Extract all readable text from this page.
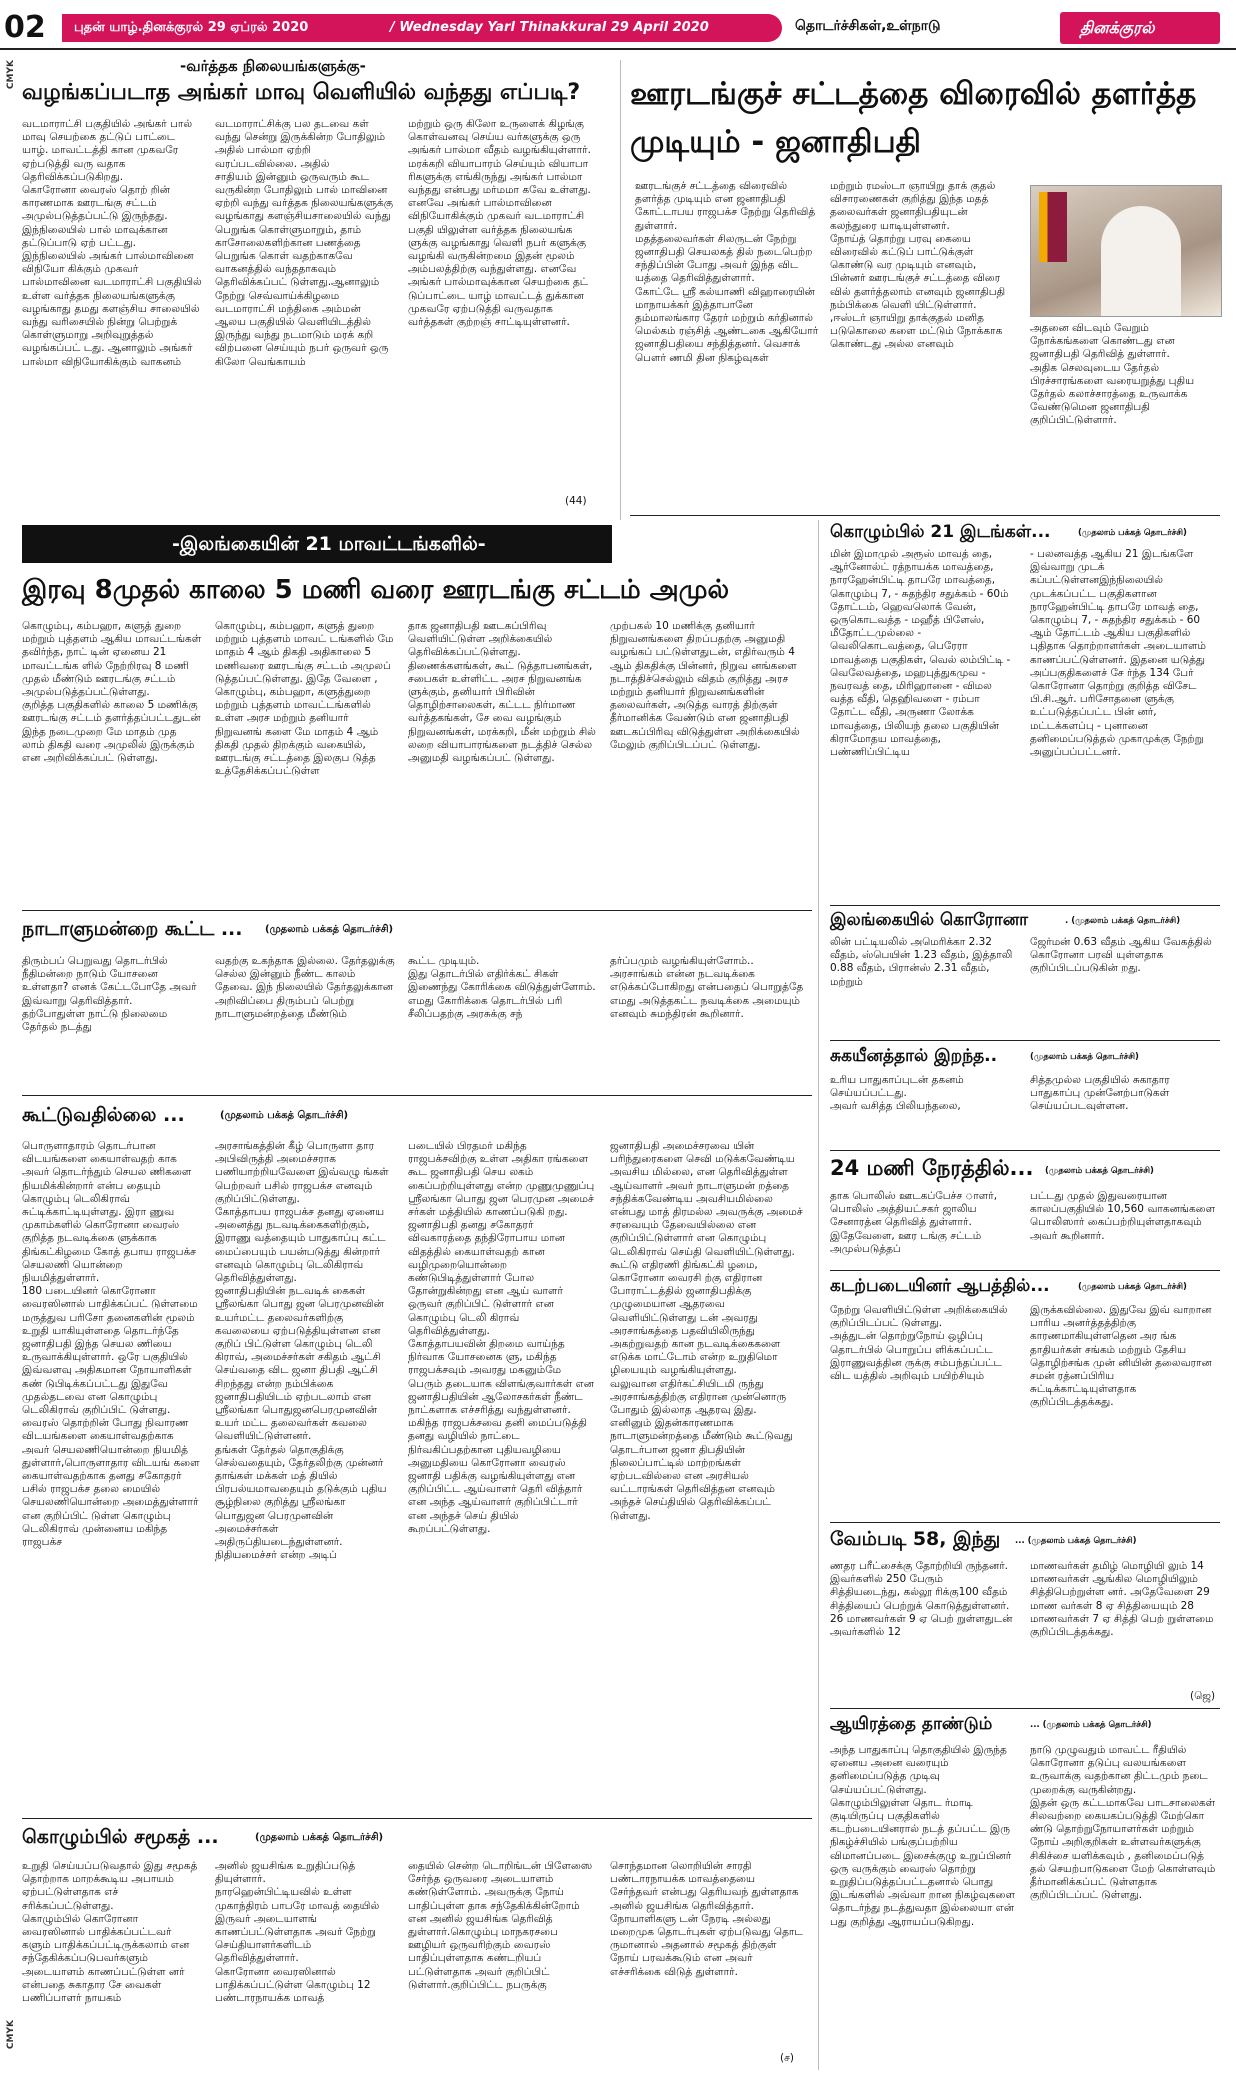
02 புதன் யாழ்.தினக்குரல் 29 ஏப்ரல் 2020	/ Wednesday Yarl Thinakkural 29 April 2020	தொடர்ச்சிகள்,உள்நாடு	தினக்குரல்
CMYK
CMYK
-வர்த்தக நிலையங்களுக்கு-
வழங்கப்படாத அங்கர் மாவு வெளியில் வந்தது எப்படி?
வடமாராட்சி பகுதியில் அங்கர் பால் மாவு செயற்கை தட்டுப் பாட்டை யாழ். மாவட்டத்தி கான முகவரே ஏற்படுத்தி வரு வதாக தெரிவிக்கப்படுகிறது.
கொரோனா வைரஸ் தொற் றின் காரணமாக ஊரடங்கு சட்டம் அமுல்படுத்தப்பட்டு இருந்தது. இந்நிலையில் பால் மாவுக்கான தட்டுப்பாடு ஏற் பட்டது. இந்நிலையில் அங்கர் பால்மாவினை விநியோ கிக்கும் முகவர் பால்மாவினை வடமாராட்சி பகுதியில் உள்ள வர்த்தக நிலையங்களுக்கு வழங்காது தமது களஞ்சிய சாலையில் வந்து வரிசையில் நின்று பெற்றுக் கொள்ளுமாறு அறிவுறுத்தல் வழங்கப்பட் டது. ஆனாலும் அங்கர் பால்மா விநியோகிக்கும் வாகனம்
வடமாராட்சிக்கு பல தடவை கள் வந்து சென்று இருக்கின்ற போதிலும் அதில் பால்மா ஏற்றி வரப்படவில்லை. அதில்
சாதியம் இன்னும் ஒருவரும் கூட வருகின்ற போதிலும் பால் மாவினை ஏற்றி வந்து வர்த்தக நிலையங்களுக்கு வழங்காது களஞ்சியசாலையில் வந்து பெறுங்க கொள்ளுமாறும், தாம் காசோலைகளிற்கான பணத்தை பெறுங்க கொள் வதற்காகவே வாகனத்தில் வந்ததாகவும் தெரிவிக்கப்பட் டுள்ளது.ஆனாலும் நேற்று செவ்வாய்க்கிழமை வடமாராட்சி மந்திகை அம்மன் ஆலய பகுதியில் வெளியிடத்தில் இருந்து வந்து நடமாடும் மரக் கறி விற்பனை செய்யும் நபர் ஒருவர் ஒரு கிலோ வெங்காயம்
மற்றும் ஒரு கிலோ உருளைக் கிழங்கு கொள்வனவு செய்ய வர்களுக்கு ஒரு அங்கர் பால்மா வீதம் வழங்கியுள்ளார். மரக்கறி வியாபாரம் செய்யும் வியாபா ரிகளுக்கு எங்கிருந்து அங்கர் பால்மா வந்தது என்பது மர்மமா கவே உள்ளது. எனவே அங்கர் பால்மாவினை விநியோகிக்கும் முகவர் வடமாராட்சி பகுதி யிலுள்ள வர்த்தக நிலையங்க ளுக்கு வழங்காது வெளி நபர் களுக்கு வழங்கி வருகின்றமை இதன் மூலம் அம்பலத்திற்கு வந்துள்ளது. எனவே அங்கர் பால்மாவுக்கான செயற்கை தட் டுப்பாட்டை யாழ் மாவட்டத் துக்கான முகவரே ஏற்படுத்தி வருவதாக வர்த்தகள் குற்றஞ் சாட்டியுள்ளனர்.
(44)
ஊரடங்குச் சட்டத்தை விரைவில் தளர்த்த முடியும் - ஜனாதிபதி
ஊரடங்குச் சட்டத்தை விரைவில் தளர்த்த முடியும் என ஜனாதிபதி கோட்டாபய ராஜபக்ச நேற்று தெரிவித் துள்ளார்.
மதத்தலைவர்கள் சிலருடன் நேற்று ஜனாதிபதி செயலகத் தில் நடைபெற்ற சந்திப்பின் போது அவர் இந்த விட யத்தை தெரிவித்துள்ளார்.
கோட்டே ஸ்ரீ கல்யாணி விஹாரையின் மாநாயக்கர் இத்தாபானே தம்மாலங்கார தேரர் மற்றும் கர்தினால் மெல்கம் ரஞ்சித் ஆண்டகை ஆகியோர் ஜனாதிபதியை சந்தித்தனர். வெசாக் பௌர் ணமி தின நிகழ்வுகள்
மற்றும் ரமஸ்டா ஞாயிறு தாக் குதல் விசாரணைகள் குறித்து இந்த மதத் தலைவர்கள் ஜனாதிபதியுடன் கலந்துரை யாடியுள்ளனர்.
நோய்த் தொற்று பரவு கையை விரைவில் கட்டுப் பாட்டுக்குள் கொண்டு வர முடியும் எனவும், பின்னர் ஊரடங்குச் சட்டத்தை விரை வில் தளர்த்தலாம் எனவும் ஜனாதிபதி நம்பிக்கை வெளி யிட்டுள்ளார். ,ஈஸ்டர் ஞாயிறு தாக்குதல் மனித படுகொலை களை மட்டும் நோக்காக கொண்டது அல்ல எனவும்
அதனை விடவும் வேறும் நோக்கங்களை கொண்டது என ஜனாதிபதி தெரிவித் துள்ளார்.
அதிக செலவுடைய தேர்தல் பிரச்சாரங்களை வரையறுத்து புதிய தேர்தல் கலாச்சாரத்தை உருவாக்க வேண்டுமென ஜனாதிபதி குறிப்பிட்டுள்ளார்.
-இலங்கையின் 21 மாவட்டங்களில்-
இரவு 8முதல் காலை 5 மணி வரை ஊரடங்கு சட்டம் அமுல்
கொழும்பு, கம்பஹா, களுத் துறை மற்றும் புத்தளம் ஆகிய மாவட்டங்கள் தவிர்ந்த, நாட் டின் ஏனைய 21 மாவட்டங்க ளில் நேற்றிரவு 8 மணி முதல் மீண்டும் ஊரடங்கு சட்டம் அமுல்படுத்தப்பட்டுள்ளது.
குறித்த பகுதிகளில் காலை 5 மணிக்கு ஊரடங்கு சட்டம் தளர்த்தப்பட்டதுடன் இந்த நடைமுறை மே மாதம் முத லாம் திகதி வரை அமுலில் இருக்கும் என அறிவிக்கப்பட் டுள்ளது.
கொழும்பு, கம்பஹா, களுத் துறை மற்றும் புத்தளம் மாவட் டங்களில் மே மாதம் 4 ஆம் திகதி அதிகாலை 5 மணிவரை ஊரடங்கு சட்டம் அமுலப் டுத்தப்பட்டுள்ளது. இதே வேளை , கொழும்பு, கம்பஹா, களுத்துறை மற்றும் புத்தளம் மாவட்டங்களில் உள்ள அரச மற்றும் தனியார் நிறுவனங் களை மே மாதம் 4 ஆம் திகதி முதல் திறக்கும் வகையில், ஊரடங்கு சட்டத்தை இலகுப டுத்த உத்தேசிக்கப்பட்டுள்ள
தாக ஜனாதிபதி ஊடகப்பிரிவு வெளியிட்டுள்ள அறிக்கையில் தெரிவிக்கப்பட்டுள்ளது.
திணைக்களங்கள், கூட் டுத்தாபனங்கள், சபைகள் உள்ளிட்ட அரச நிறுவனங்க ளுக்கும், தனியார் பிரிவின் தொழிற்சாலைகள், கட்டட நிர்மாண வர்த்தகங்கள், சே வை வழங்கும் நிறுவனங்கள், மரக்கறி, மீன் மற்றும் சில் லறை வியாபாரங்களை நடத்திச் செல்ல அனுமதி வழங்கப்பட் டுள்ளது.
முற்பகல் 10 மணிக்கு தனியார் நிறுவனங்களை திறப்பதற்கு அனுமதி வழங்கப் பட்டுள்ளதுடன், எதிர்வரும் 4 ஆம் திகதிக்கு பின்னர், நிறுவ னங்களை நடாத்திச்செல்லும் விதம் குறித்து அரச மற்றும் தனியார் நிறுவனங்களின் தலைவர்கள், அடுத்த வாரத் திற்குள் தீர்மானிக்க வேண்டும் என ஜனாதிபதி ஊடகப்பிரிவு விடுத்துள்ள அறிக்கையில் மேலும் குறிப்பிடப்பட் டுள்ளது.
நாடாளுமன்றை கூட்ட ... (முதலாம் பக்கத் தொடர்ச்சி)
திரும்பப் பெறுவது தொடர்பில் நீதிமன்றை நாடும் யோசனை உள்ளதா? எனக் கேட்டபோதே அவர் இவ்வாறு தெரிவித்தார்.
தற்போதுள்ள நாட்டு நிலைமை தேர்தல் நடத்து
வதற்கு உகந்தாக இல்லை. தேர்தலுக்கு செல்ல இன்னும் நீண்ட காலம் தேவை. இந் நிலையில் தேர்தலுக்கான அறிவிப்பை திரும்பப் பெற்று நாடாளுமன்றத்தை மீண்டும்
கூட்ட முடியும்.
இது தொடர்பில் எதிர்க்கட் சிகள் இணைந்து கோரிக்கை விடுத்துள்ளோம். எமது கோரிக்கை தொடர்பில் பரி சீலிப்பதற்கு அரசுக்கு சந்
தர்ப்பமும் வழங்கியுள்ளோம்.. அரசாங்கம் என்ன நடவடிக்கை எடுக்கப்போகிறது என்பதைப் பொறுத்தே எமது அடுத்தகட்ட நவடிக்கை அமையும் எனவும் சுமந்திரன் கூறினார்.
கூட்டுவதில்லை ...	(முதலாம் பக்கத் தொடர்ச்சி)
பொருளாதாரம் தொடர்பான விடயங்களை கையாள்வதற் காக அவர் தொடர்ந்தும் செயல ணிகளை நியமிக்கின்றார் என்ப தையும் கொழும்பு டெலிகிராவ் சுட்டிக்காட்டியுள்ளது. இரா ணுவ முகாம்களில் கொரோனா வைரஸ் குறித்த நடவடிக்கை ளுக்காக திங்கட்கிழமை கோத் தபாய ராஜபக்ச செயலணி யொன்றை நியமித்துள்ளார்.
180 படையினர் கொரோனா வைரஸினால் பாதிக்கப்பட் டுள்ளமை மருத்துவ பரிசோ தனைகளின் மூலம் உறுதி யாகியுள்ளதை தொடர்ந்தே ஜனாதிபதி இந்த செயல ணியை உருவாக்கியுள்ளார். ஒரே பகுதியில் இவ்வளவு அதிகமான நோயாளிகள் கண் டுபிடிக்கப்பட்டது இதுவே முதல்தடவை என கொழும்பு டெலிகிராவ் குறிப்பிட் டுள்ளது.
வைரஸ் தொற்றின் போது நிவாரண விடயங்களை கையாள்வதற்காக அவர் செயலணியொன்றை நியமித் துள்ளார்,பொருளாதார விடயங் களை கையாள்வதற்காக தனது சகோதரர் பசில் ராஜபக்ச தலை மையில் செயலணியொன்றை அமைத்துள்ளார் என குறிப்பிட் டுள்ள கொழும்பு டெலிகிராவ் முன்னைய மகிந்த ராஜபக்ச
அரசாங்கத்தின் கீழ் பொருளா தார அபிவிருத்தி அமைச்சராக பணியாற்றியவேளை இவ்வழு ங்கள் பெற்றவர் பசில் ராஜபக்ச எனவும் குறிப்பிட்டுள்ளது.
கோத்தாபய ராஜபக்ச தனது ஏனைய அனைத்து நடவடிக்கைகளிற்கும், இராணு வத்தையும் பாதுகாப்பு கட்ட மைப்பையும் பயன்படுத்து கின்றார் எனவும் கொழும்பு டெலிகிராவ் தெரிவித்துள்ளது.
ஜனாதிபதியின் நடவடிக் கைகள் ஸ்ரீலங்கா பொது ஜன பெரமுனவின் உயர்மட்ட தலைவர்களிற்கு கவலையை ஏற்படுத்தியுள்ளன என குறிப் பிட்டுள்ள கொழும்பு டெலி கிராவ், அமைச்சர்கள் சகிதம் ஆட்சி செய்வதை விட ஜனா திபதி ஆட்சி சிறந்தது என்ற நம்பிக்கை ஜனாதிபதியிடம் ஏற்படலாம் என ஸ்ரீலங்கா பொதுஜனபெரமுனவின் உயர் மட்ட தலைவர்கள் கவலை வெளியிட்டுள்ளனர்.
தங்கள் தேர்தல் தொகுதிக்கு செல்வதையும், தேர்தலிற்கு முன்னர் தாங்கள் மக்கள் மத் தியில் பிரபல்யமாவதையும் தடுக்கும் புதிய சூழ்நிலை குறித்து ஸ்ரீலங்கா பொதுஜன பெரமுனவின் அமைச்சர்கள் அதிருப்தியடைந்துள்ளனர்.
நிதியமைச்சர் என்ற அடிப்
படையில் பிரதமர் மகிந்த ராஜபக்சவிற்கு உள்ள அதிகா ரங்களை கூட ஜனாதிபதி செய லகம் கைப்பற்றியுள்ளது என்ற முணுமுணுப்பு ஸ்ரீலங்கா பொது ஜன பெரமுன அமைச் சர்கள் மத்தியில் காணப்படுகி றது.
ஜனாதிபதி தனது சகோதரர் விவகாரத்தை தந்திரோபாய மான விதத்தில் கையாள்வதற் கான வழிமுறையொன்றை கண்டுபிடித்துள்ளார் போல தோன்றுகின்றது என ஆய் வாளர் ஒருவர் குறிப்பிட் டுள்ளார் என கொழும்பு டெலி கிராவ் தெரிவித்துள்ளது.
கோத்தாபயவின் திறமை வாய்ந்த நிர்வாக யோசனைக ளு, மகிந்த ராஜபக்சவும் அவரது மகனும்மே பெரும் தடையாக விளங்குவார்கள் என ஜனாதிபதியின் ஆலோசகர்கள் நீண்ட நாட்களாக எச்சரித்து வந்துள்ளனர்.
மகிந்த ராஜபக்சவை தனி மைப்படுத்தி தனது வழியில் நாட்டை நிர்வகிப்பதற்கான புதியவழியை அனுமதியை கொரோனா வைரஸ் ஜனாதி பதிக்கு வழங்கியுள்ளது என குறிப்பிட்ட ஆய்வாளர் தெரி வித்தார் என அந்த ஆய்வாளர் குறிப்பிட்டார் என அந்தச் செய் தியில் கூறப்பட்டுள்ளது.
ஜனாதிபதி அமைச்சரவை யின் பரிந்துரைகளை செவி மடுக்கவேண்டிய அவசிய மில்லை, என தெரிவித்துள்ள ஆய்வாளர் அவர் நாடாளுமன் றத்தை சந்திக்கவேண்டிய அவசியமில்லை என்பது மாத் திரமல்ல அவருக்கு அமைச் சரவையும் தேவையில்லை என குறிப்பிட்டுள்ளார் என கொழும்பு டெலிகிராவ் செய்தி வெளியிட்டுள்ளது.
கூட்டு எதிரணி திங்கட்கி ழமை, கொரோனா வைரசி ற்கு எதிரான போராட்டத்தில் ஜனாதிபதிக்கு முழுமையான ஆதரவை வெளியிட்டுள்ளது டன் அவரது அரசாங்கத்தை பதவியிலிருந்து அகற்றுவதற் கான நடவடிக்கைகளை எடுக்க மாட்டோம் என்ற உறுதிமொ ழியையும் வழங்கியுள்ளது.
வலுவான எதிர்கட்சியிடமி ருந்து அரசாங்கத்திற்கு எதிரான முன்னொரு போதும் இல்லாத ஆதரவு இது.
எனினும் இதன்காரணமாக நாடாளுமன்றத்தை மீண்டும் கூட்டுவது தொடர்பான ஜனா திபதியின் நிலைப்பாட்டில் மாற்றங்கள் ஏற்படவில்லை என அரசியல் வட்டாரங்கள் தெரிவித்தன எனவும் அந்தச் செய்தியில் தெரிவிக்கப்பட் டுள்ளது.
கொழும்பில் சமூகத் ...	(முதலாம் பக்கத் தொடர்ச்சி)
உறுதி செய்யப்படுவதால் இது சமூகத் தொற்றாக மாறக்கூடிய அபாயம் ஏற்பட்டுள்ளதாக எச் சரிக்கப்பட்டுள்ளது.
கொழும்பில் கொரோனா வைரஸினால் பாதிக்கப்பட்டவர் களும் பாதிக்கப்பட்டிருக்கலாம் என சந்தேகிக்கப்படுபவர்களும் அடையாளம் காணப்பட்டுள்ள னர் என்பதை சுகாதார சே வைகள் பணிப்பாளர் நாயகம்
அனில் ஜயசிங்க உறுதிப்படுத் தியுள்ளார்.
நாரஹென்பிட்டியவில் உள்ள முகாந்திரம் பாபரே மாவத் தையில் இருவர் அடையாளங் காணப்பட்டுள்ளதாக அவர் நேற்று செய்தியாளர்களிடம் தெரிவித்துள்ளார்.
கொரோனா வைரஸினால் பாதிக்கப்பட்டுள்ள கொழும்பு 12 பண்டாரநாயக்க மாவத்
தையில் சென்ற டொறிங்டன் பிளேஸை சேர்ந்த ஒருவரை அடையாளம் கண்டுள்ளோம். அவருக்கு நோய் பாதிப்புள்ள தாக சந்தேகிக்கின்றோம் என அனில் ஜயசிங்க தெரிவித் துள்ளார்.கொழும்பு மாநகரசபை ஊழியர் ஒருவரிற்கும் வைரஸ் பாதிப்புள்ளதாக கண்டறியப் பட்டுள்ளதாக அவர் குறிப்பிட் டுள்ளார்.குறிப்பிட்ட நபருக்கு
சொந்தமான லொறியின் சாரதி பண்டாரநாயக்க மாவத்தையை சேர்ந்தவர் என்பது தெரியவந் துள்ளதாக அனில் ஜயசிங்க தெரிவித்தார். நோயாளிகளு டன் நேரடி அல்லது மறைமுக தொடர்புகள் ஏற்படுவது தொட ருமானால் அதனால் சமூகத் திற்குள் நோய் பரவக்கூடும் என அவர் எச்சரிக்கை விடுத் துள்ளார்.
(ச)
கொழும்பில் 21 இடங்கள்...	(முதலாம் பக்கத் தொடர்ச்சி)
மின் இமாமுல் அரூஸ் மாவத் தை, ஆர்னோல்ட் ரத்நாயக்க மாவத்தை, நாரஹேன்பிட்டி தாபரே மாவத்தை, கொழும்பு 7, - சுதந்திர சதுக்கம் - 60ம் தோட்டம், ஹெவலொக் வேன், ஒருகொடவத்த - மஹீத் பிளேஸ், மீதோட்டமுல்லை - வெலிகொடவத்தை, பெரேரா மாவத்தை பகுதிகள், வெல் லம்பிட்டி - வெலேவத்தை, மஹபுத்துகமுவ - நவரவத் தை, மிரிஹானை - விமல வத்த வீதி, தெஹிவளை - ரம்பா தோட்ட வீதி, அருணா லோக்க மாவத்தை, பிலியந் தலை பகுதியின் கிராமோதய மாவத்தை, பண்ணிப்பிட்டிய
- பலனவத்த ஆகிய 21 இடங்களே இவ்வாறு முடக் கப்பட்டுள்ளனஇந்நிலையில் முடக்கப்பட்ட பகுதிகளான நாரஹேன்பிட்டி தாபரே மாவத் தை, கொழும்பு 7, - சுதந்திர சதுக்கம் - 60 ஆம் தோட்டம் ஆகிய பகுதிகளில் புதிதாக தொற்றாளர்கள் அடையாளம் காணப்பட்டுள்ளனர். இதனை யடுத்து அப்பகுதிகளைச் சே ர்ந்த 134 பேர் கொரோனா தொற்று குறித்த விசேட பி.சி.ஆர். பரிசோதனை ளுக்கு உட்படுத்தப்பட்ட பின் னர், மட்டக்களப்பு - புனானை தனிமைப்படுத்தல் முகாமுக்கு நேற்று அனுப்பப்பட்டனர்.
இலங்கையில் கொரோனா	. (முதலாம் பக்கத் தொடர்ச்சி)
லின் பட்டியலில் அமெரிக்கா 2.32 வீதம், ஸ்பெயின் 1.23 வீதம், இத்தாலி 0.88 வீதம், பிரான்ஸ் 2.31 வீதம், மற்றும்
ஜேர்மன் 0.63 வீதம் ஆகிய வேகத்தில் கொரோனா பரவி யுள்ளதாக குறிப்பிடப்படுகின் றது.
சுகயீனத்தால் இறந்த..	(முதலாம் பக்கத் தொடர்ச்சி)
உரிய பாதுகாப்புடன் தகனம் செய்யப்பட்டது.
அவர் வசித்த பிலியந்தலை,
சித்தமுல்ல பகுதியில் சுகாதார பாதுகாப்பு முன்னேற்பாடுகள் செய்யப்படவுள்ளன.
24 மணி நேரத்தில்... (முதலாம் பக்கத் தொடர்ச்சி)
தாக பொலிஸ் ஊடகப்பேச்ச ாளர், பொலிஸ் அத்தியட்சகர் ஜாலிய சேனாரத்ன தெரிவித் துள்ளார். இதேவேளை, ஊர டங்கு சட்டம் அமுல்படுத்தப்
பட்டது முதல் இதுவரையான காலப்பகுதியில் 10,560 வாகனங்களை பொலிஸார் கைப்பற்றியுள்ளதாகவும் அவர் கூறினார்.
கடற்படையினர் ஆபத்தில்...	(முதலாம் பக்கத் தொடர்ச்சி)
நேற்று வெளியிட்டுள்ள அறிக்கையில் குறிப்பிடப்பட் டுள்ளது.
அத்துடன் தொற்றுநோய் ஒழிப்பு தொடர்பில் பொறுப்ப ளிக்கப்பட்ட இராணுவத்தின ருக்கு சம்பந்தப்பட்ட விட யத்தில் அறிவும் பயிற்சியும்
இருக்கவில்லை. இதுவே இவ் வாறான பாரிய அனர்த்தத்திற்கு காரணமாகியுள்ளதென அர ங்க தாதியர்கள் சங்கம் மற்றும் தேசிய தொழிற்சங்க முன் னியின் தலைவரான சமன் ரத்னப்பிரிய சுட்டிக்காட்டியுள்ளதாக குறிப்பிடத்தக்கது.
வேம்படி 58, இந்து ... (முதலாம் பக்கத் தொடர்ச்சி)
ணதர பரீட்சைக்கு தோற்றியி ருந்தனர்.
இவர்களில் 250 பேரும் சித்தியடைந்து, கல்லூ ரிக்கு100 வீதம் சித்தியைப் பெற்றுக் கொடுத்துள்ளனர். 26 மாணவர்கள் 9 ஏ பெற் றுள்ளதுடன் அவர்களில் 12
மாணவர்கள் தமிழ் மொழியி லும் 14 மாணவர்கள் ஆங்கில மொழியிலும் சித்திபெற்றுள்ள னர். அதேவேளை 29 மாண வர்கள் 8 ஏ சித்தியையும் 28 மாணவர்கள் 7 ஏ சித்தி பெற் றுள்ளமை குறிப்பிடத்தக்கது.
(ஜெ)
ஆயிரத்தை தாண்டும்	... (முதலாம் பக்கத் தொடர்ச்சி)
அந்த பாதுகாப்பு தொகுதியில் இருந்த ஏனைய அனை வரையும் தனிமைப்படுத்த முடிவு செய்யப்பட்டுள்ளது.
கொழும்பிலுள்ள தொட ர்மாடி குடியிருப்பு பகுதிகளில் கடற்படையினரால் நடத் தப்பட்ட இரு நிகழ்ச்சியில் பங்குப்பற்றிய விமானப்படை இசைக்குழு உறுப்பினர் ஒரு வருக்கும் வைரஸ் தொற்று உறுதிப்படுத்தப்பட்டதனால் பொது இடங்களில் அவ்வா றான நிகழ்வுகளை தொடர்ந்து நடத்துவதா இல்லையா என் பது குறித்து ஆராயப்படுகிறது.
நாடு முழுவதும் மாவட்ட ரீதியில் கொரோனா தடுப்பு வலயங்களை உருவாக்கு வதற்கான திட்டமும் நடை முறைக்கு வருகின்றது.
இதன் ஒரு கட்டமாகவே பாடசாலைகள் சிலவற்றை கையகப்படுத்தி மேற்கொ ண்டு தொற்றுநோயாளர்கள் மற்றும் நோய் அறிகுறிகள் உள்ளவர்களுக்கு சிகிச்சை யளிக்கவும் , தனிமைப்படுத் தல் செயற்பாடுகளை மேற் கொள்ளவும் தீர்மானிக்கப்பட் டுள்ளதாக குறிப்பிடப்பட் டுள்ளது.
